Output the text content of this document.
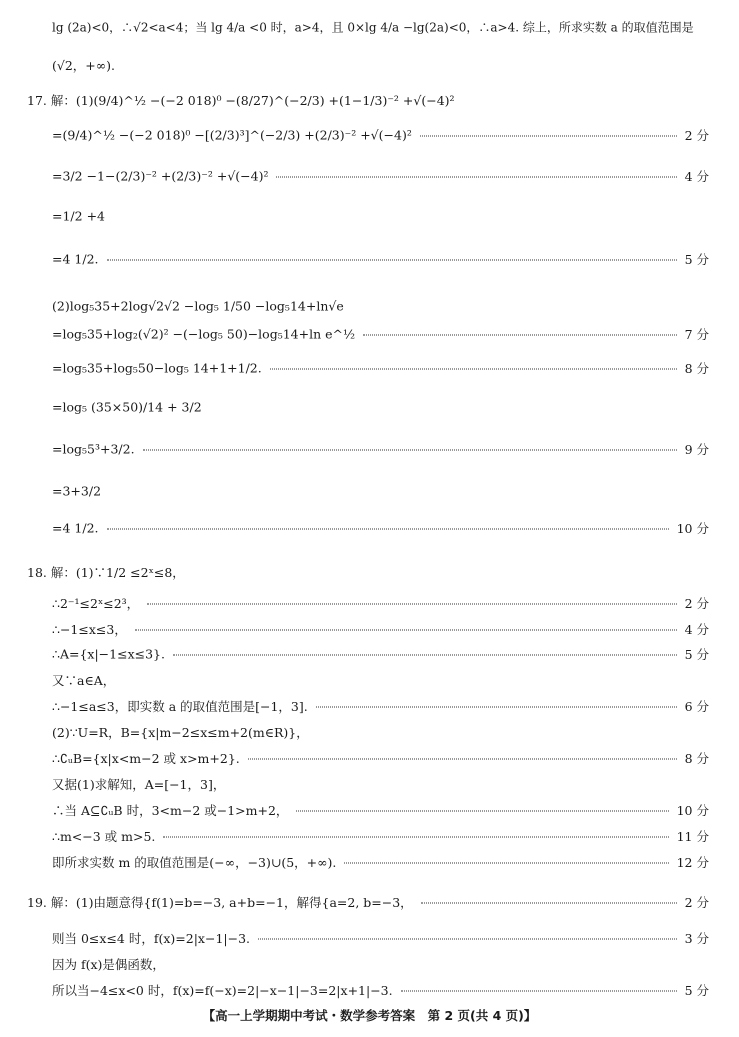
lg (2a)<0，∴√2<a<4；当 lg 4/a <0 时，a>4，且 0×lg 4/a −lg(2a)<0，∴a>4. 综上，所求实数 a 的取值范围是
(√2，+∞).
17. 解：(1)(9/4)^½ −(−2 018)⁰ −(8/27)^(−2/3) +(1−1/3)⁻² +√(−4)²
=(9/4)^½ −(−2 018)⁰ −[(2/3)³]^(−2/3) +(2/3)⁻² +√(−4)²	2 分
=3/2 −1−(2/3)⁻² +(2/3)⁻² +√(−4)²	4 分
=1/2 +4
=4 1/2.	5 分
(2)log₅35+2log√2√2 −log₅ 1/50 −log₅14+ln√e
=log₅35+log₂(√2)² −(−log₅ 50)−log₅14+ln e^½	7 分
=log₅35+log₅50−log₅ 14+1+1/2.	8 分
=log₅ (35×50)/14 + 3/2
=log₅5³+3/2.	9 分
=3+3/2
=4 1/2.	10 分
18. 解：(1)∵1/2 ≤2ˣ≤8，
∴2⁻¹≤2ˣ≤2³，	2 分
∴−1≤x≤3，	4 分
∴A={x|−1≤x≤3}.	5 分
又∵a∈A，
∴−1≤a≤3，即实数 a 的取值范围是[−1，3].	6 分
(2)∵U=R，B={x|m−2≤x≤m+2(m∈R)}，
∴∁ᵤB={x|x<m−2 或 x>m+2}.	8 分
又据(1)求解知，A=[−1，3]，
∴当 A⊆∁ᵤB 时，3<m−2 或−1>m+2，	10 分
∴m<−3 或 m>5.	11 分
即所求实数 m 的取值范围是(−∞，−3)∪(5，+∞).	12 分
19. 解：(1)由题意得{f(1)=b=−3, a+b=−1，解得{a=2, b=−3，	2 分
则当 0≤x≤4 时，f(x)=2|x−1|−3.	3 分
因为 f(x)是偶函数，
所以当−4≤x<0 时，f(x)=f(−x)=2|−x−1|−3=2|x+1|−3.	5 分
【高一上学期期中考试・数学参考答案　第 2 页(共 4 页)】
